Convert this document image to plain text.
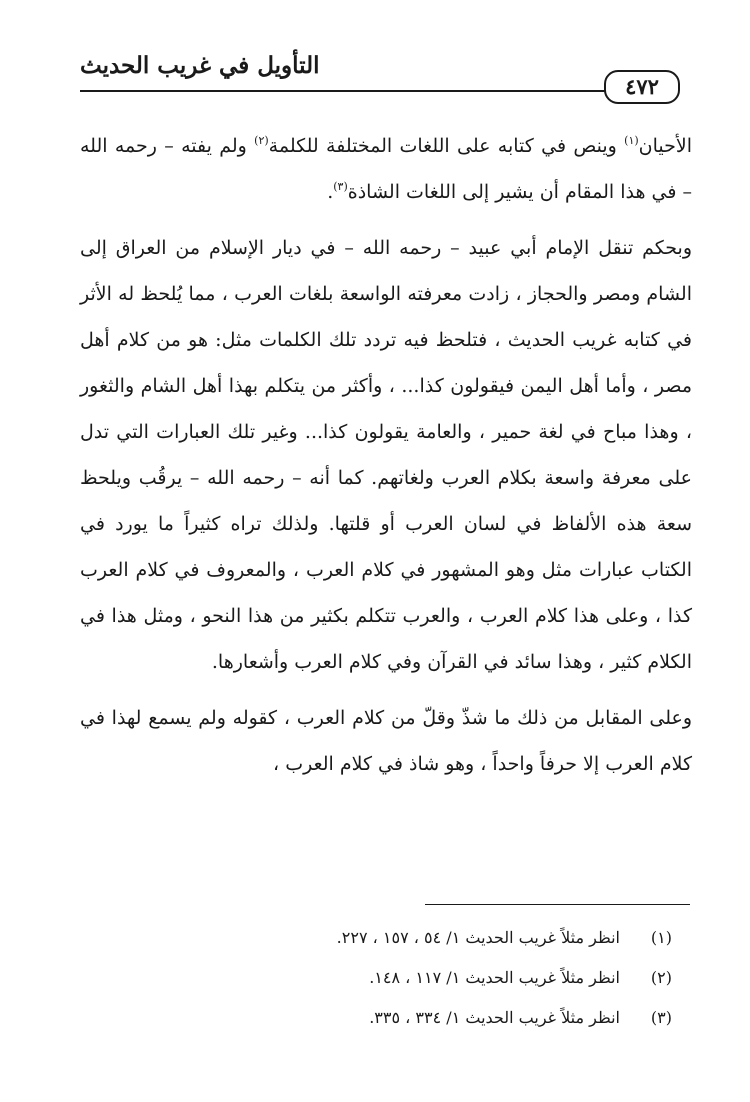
التأويل في غريب الحديث
٤٧٢

الأحيان$^{(١)}$ وينص في كتابه على اللغات المختلفة للكلمة$^{(٢)}$ ولم يفته – رحمه الله – في هذا المقام أن يشير إلى اللغات الشاذة$^{(٣)}$.

وبحكم تنقل الإمام أبي عبيد – رحمه الله – في ديار الإسلام من العراق إلى الشام ومصر والحجاز ، زادت معرفته الواسعة بلغات العرب ، مما يُلحظ له الأثر في كتابه غريب الحديث ، فتلحظ فيه تردد تلك الكلمات مثل: هو من كلام أهل مصر ، وأما أهل اليمن فيقولون كذا... ، وأكثر من يتكلم بهذا أهل الشام والثغور ، وهذا مباح في لغة حمير ، والعامة يقولون كذا... وغير تلك العبارات التي تدل على معرفة واسعة بكلام العرب ولغاتهم. كما أنه – رحمه الله – يرقُب ويلحظ سعة هذه الألفاظ في لسان العرب أو قلتها. ولذلك تراه كثيراً ما يورد في الكتاب عبارات مثل وهو المشهور في كلام العرب ، والمعروف في كلام العرب كذا ، وعلى هذا كلام العرب ، والعرب تتكلم بكثير من هذا النحو ، ومثل هذا في الكلام كثير ، وهذا سائد في القرآن وفي كلام العرب وأشعارها.

وعلى المقابل من ذلك ما شذّ وقلّ من كلام العرب ، كقوله ولم يسمع لهذا في كلام العرب إلا حرفاً واحداً ، وهو شاذ في كلام العرب ،

(١)
انظر مثلاً غريب الحديث ١/ ٥٤ ، ١٥٧ ، ٢٢٧.
(٢)
انظر مثلاً غريب الحديث ١/ ١١٧ ، ١٤٨.
(٣)
انظر مثلاً غريب الحديث ١/ ٣٣٤ ، ٣٣٥.
